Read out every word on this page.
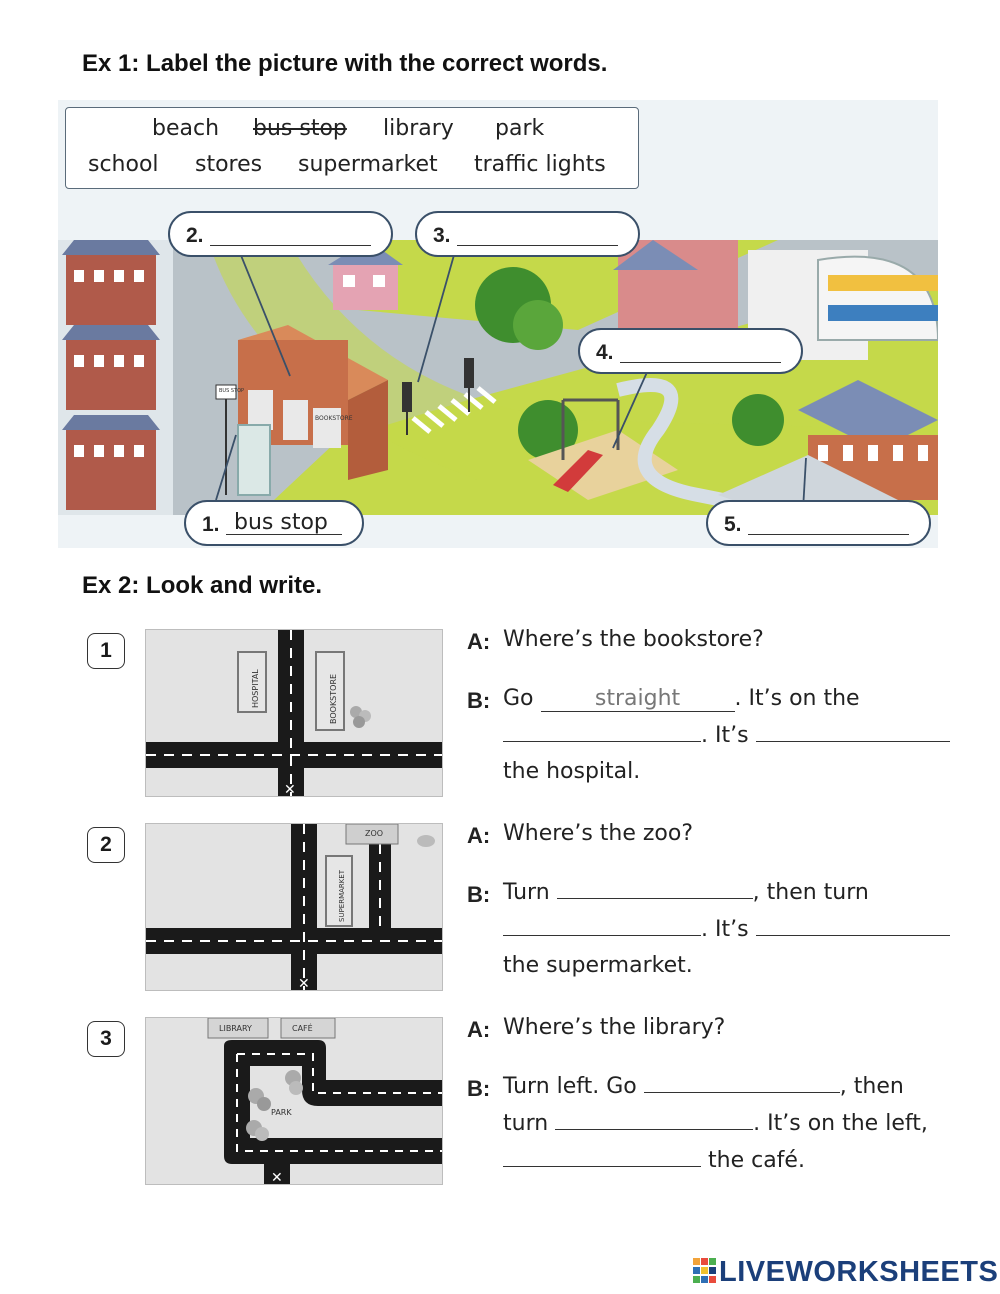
Ex 1: Label the picture with the correct words.
BUS STOP
BOOKSTORE
beach bus stop library park
school stores supermarket traffic lights
1. bus stop
2.	3.
4.
5.
Ex 2: Look and write.
1
HOSPITAL	BOOKSTORE
✕
A: Where’s the bookstore?
B: Go	straight . It’s on the
. It’s
the hospital.
2	ZOO
SUPERMARKET
✕
A: Where’s the zoo?
B: Turn	, then turn
. It’s
the supermarket.
3	LIBRARY	CAFÉ
PARK
✕
A: Where’s the library?
B: Turn left. Go	, then
turn	. It’s on the left,
the café.
LIVEWORKSHEETS
